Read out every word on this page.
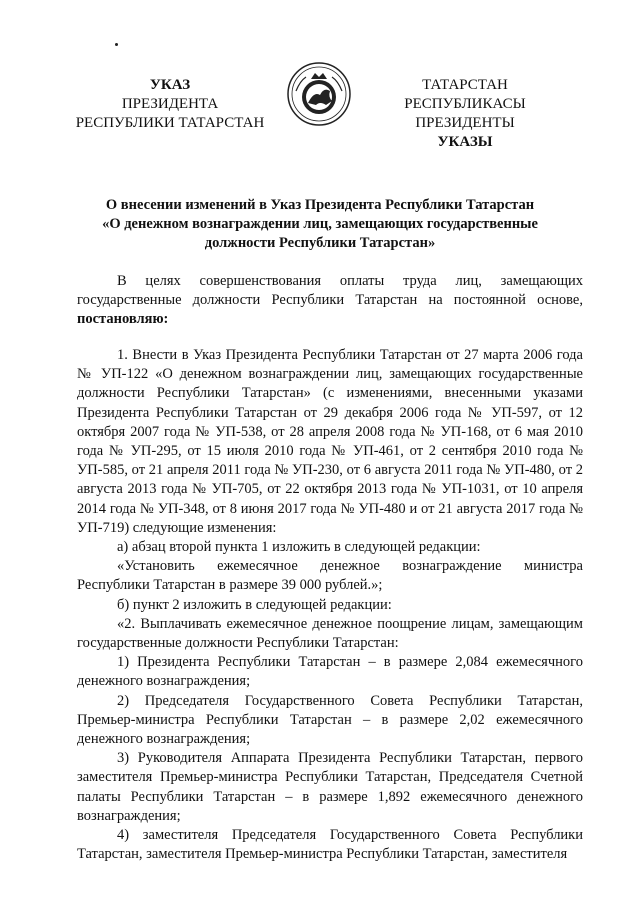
УКАЗ
ПРЕЗИДЕНТА
РЕСПУБЛИКИ ТАТАРСТАН
ТАТАРСТАН РЕСПУБЛИКАСЫ
ПРЕЗИДЕНТЫ
УКАЗЫ
О внесении изменений в Указ Президента Республики Татарстан
«О денежном вознаграждении лиц, замещающих государственные
должности Республики Татарстан»

В целях совершенствования оплаты труда лиц, замещающих государственные должности Республики Татарстан на постоянной основе, постановляю:

1. Внести в Указ Президента Республики Татарстан от 27 марта 2006 года № УП-122 «О денежном вознаграждении лиц, замещающих государственные должности Республики Татарстан» (с изменениями, внесенными указами Президента Республики Татарстан от 29 декабря 2006 года № УП-597, от 12 октября 2007 года № УП-538, от 28 апреля 2008 года № УП-168, от 6 мая 2010 года № УП-295, от 15 июля 2010 года № УП-461, от 2 сентября 2010 года № УП-585, от 21 апреля 2011 года № УП-230, от 6 августа 2011 года № УП-480, от 2 августа 2013 года № УП-705, от 22 октября 2013 года № УП-1031, от 10 апреля 2014 года № УП-348, от 8 июня 2017 года № УП-480 и от 21 августа 2017 года № УП-719) следующие изменения:

а) абзац второй пункта 1 изложить в следующей редакции:

«Установить ежемесячное денежное вознаграждение министра Республики Татарстан в размере 39 000 рублей.»;

б) пункт 2 изложить в следующей редакции:

«2. Выплачивать ежемесячное денежное поощрение лицам, замещающим государственные должности Республики Татарстан:

1) Президента Республики Татарстан – в размере 2,084 ежемесячного денежного вознаграждения;

2) Председателя Государственного Совета Республики Татарстан, Премьер-министра Республики Татарстан – в размере 2,02 ежемесячного денежного вознаграждения;

3) Руководителя Аппарата Президента Республики Татарстан, первого заместителя Премьер-министра Республики Татарстан, Председателя Счетной палаты Республики Татарстан – в размере 1,892 ежемесячного денежного вознаграждения;

4) заместителя Председателя Государственного Совета Республики Татарстан, заместителя Премьер-министра Республики Татарстан, заместителя
